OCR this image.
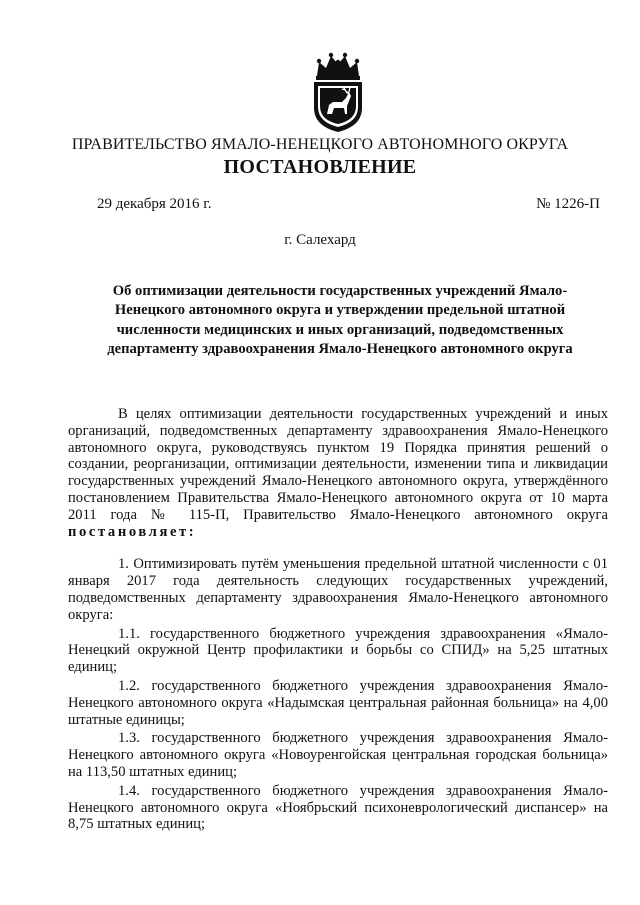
ПРАВИТЕЛЬСТВО ЯМАЛО-НЕНЕЦКОГО АВТОНОМНОГО ОКРУГА
ПОСТАНОВЛЕНИЕ
29 декабря 2016 г.	№ 1226-П
г. Салехард
Об оптимизации деятельности государственных учреждений Ямало-Ненецкого автономного округа и утверждении предельной штатной численности медицинских и иных организаций, подведомственных департаменту здравоохранения Ямало-Ненецкого автономного округа

В целях оптимизации деятельности государственных учреждений и иных организаций, подведомственных департаменту здравоохранения Ямало-Ненецкого автономного округа, руководствуясь пунктом 19 Порядка принятия решений о создании, реорганизации, оптимизации деятельности, изменении типа и ликвидации государственных учреждений Ямало-Ненецкого автономного округа, утверждённого постановлением Правительства Ямало-Ненецкого автономного округа от 10 марта 2011 года № 115-П, Правительство Ямало-Ненецкого автономного округа постановляет:

1. Оптимизировать путём уменьшения предельной штатной численности с 01 января 2017 года деятельность следующих государственных учреждений, подведомственных департаменту здравоохранения Ямало-Ненецкого автономного округа:

1.1. государственного бюджетного учреждения здравоохранения «Ямало-Ненецкий окружной Центр профилактики и борьбы со СПИД» на 5,25 штатных единиц;

1.2. государственного бюджетного учреждения здравоохранения Ямало-Ненецкого автономного округа «Надымская центральная районная больница» на 4,00 штатные единицы;

1.3. государственного бюджетного учреждения здравоохранения Ямало-Ненецкого автономного округа «Новоуренгойская центральная городская больница» на 113,50 штатных единиц;

1.4. государственного бюджетного учреждения здравоохранения Ямало-Ненецкого автономного округа «Ноябрьский психоневрологический диспансер» на 8,75 штатных единиц;
